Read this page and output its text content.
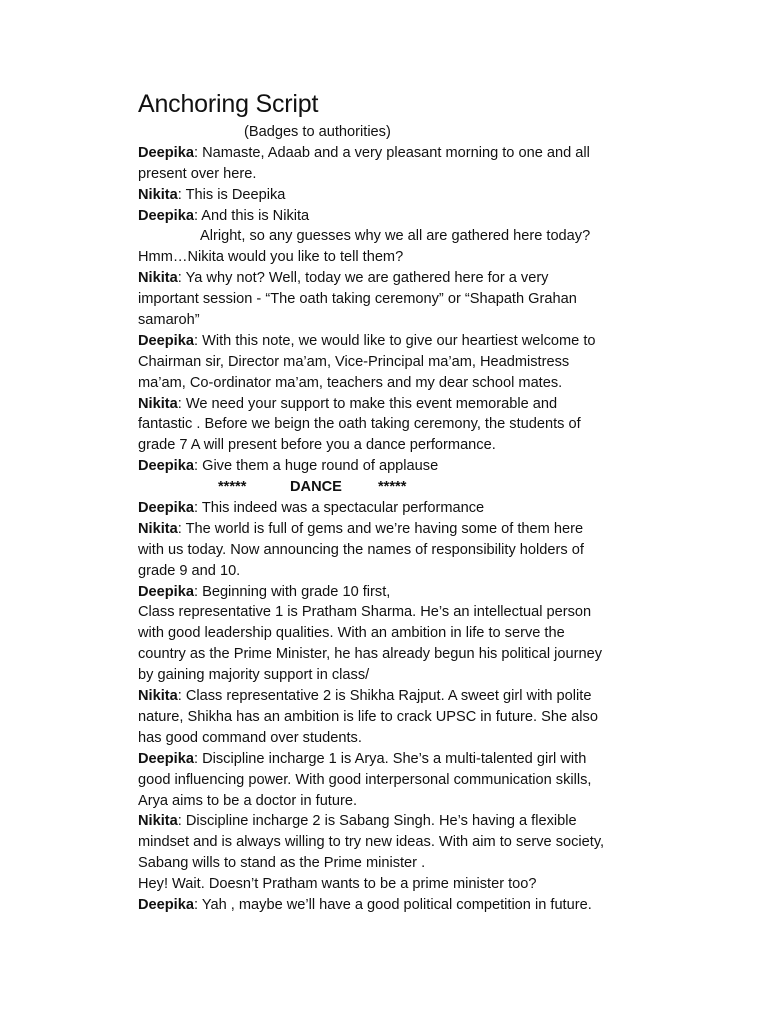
Anchoring Script
(Badges to authorities)
Deepika: Namaste, Adaab and a very pleasant morning to one and all
present over here.
Nikita: This is Deepika
Deepika: And this is Nikita
Alright, so any guesses why we all are gathered here today?
Hmm…Nikita would you like to tell them?
Nikita: Ya why not? Well, today we are gathered here for a very
important session - “The oath taking ceremony” or “Shapath Grahan
samaroh”
Deepika: With this note, we would like to give our heartiest welcome to
Chairman sir, Director ma’am, Vice-Principal ma’am, Headmistress
ma’am, Co-ordinator ma’am, teachers and my dear school mates.
Nikita: We need your support to make this event memorable and
fantastic . Before we beign the oath taking ceremony, the students of
grade 7 A will present before you a dance performance.
Deepika: Give them a huge round of applause
*****	DANCE *****
Deepika: This indeed was a spectacular performance
Nikita: The world is full of gems and we’re having some of them here
with us today. Now announcing the names of responsibility holders of
grade 9 and 10.
Deepika: Beginning with grade 10 first,
Class representative 1 is Pratham Sharma. He’s an intellectual person
with good leadership qualities. With an ambition in life to serve the
country as the Prime Minister, he has already begun his political journey
by gaining majority support in class/
Nikita: Class representative 2 is Shikha Rajput. A sweet girl with polite
nature, Shikha has an ambition is life to crack UPSC in future. She also
has good command over students.
Deepika: Discipline incharge 1 is Arya. She’s a multi-talented girl with
good influencing power. With good interpersonal communication skills,
Arya aims to be a doctor in future.
Nikita: Discipline incharge 2 is Sabang Singh. He’s having a flexible
mindset and is always willing to try new ideas. With aim to serve society,
Sabang wills to stand as the Prime minister .
Hey! Wait. Doesn’t Pratham wants to be a prime minister too?
Deepika: Yah , maybe we’ll have a good political competition in future.
